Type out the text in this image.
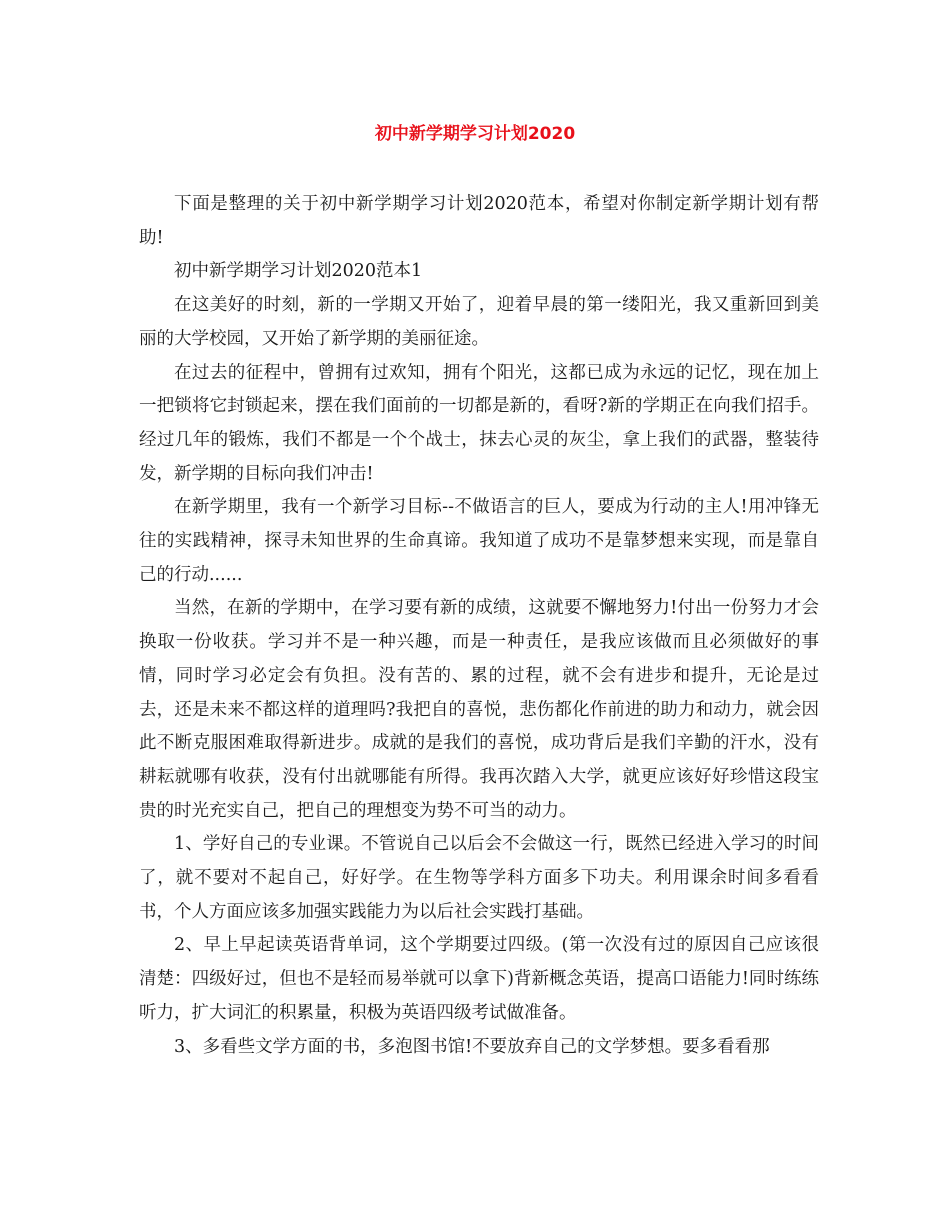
初中新学期学习计划2020

下面是整理的关于初中新学期学习计划2020范本，希望对你制定新学期计划有帮助!

初中新学期学习计划2020范本1

在这美好的时刻，新的一学期又开始了，迎着早晨的第一缕阳光，我又重新回到美丽的大学校园，又开始了新学期的美丽征途。

在过去的征程中，曾拥有过欢知，拥有个阳光，这都已成为永远的记忆，现在加上一把锁将它封锁起来，摆在我们面前的一切都是新的，看呀?新的学期正在向我们招手。经过几年的锻炼，我们不都是一个个战士，抹去心灵的灰尘，拿上我们的武器，整装待发，新学期的目标向我们冲击!

在新学期里，我有一个新学习目标--不做语言的巨人，要成为行动的主人!用冲锋无往的实践精神，探寻未知世界的生命真谛。我知道了成功不是靠梦想来实现，而是靠自己的行动......

当然，在新的学期中，在学习要有新的成绩，这就要不懈地努力!付出一份努力才会换取一份收获。学习并不是一种兴趣，而是一种责任，是我应该做而且必须做好的事情，同时学习必定会有负担。没有苦的、累的过程，就不会有进步和提升，无论是过去，还是未来不都这样的道理吗?我把自的喜悦，悲伤都化作前进的助力和动力，就会因此不断克服困难取得新进步。成就的是我们的喜悦，成功背后是我们辛勤的汗水，没有耕耘就哪有收获，没有付出就哪能有所得。我再次踏入大学，就更应该好好珍惜这段宝贵的时光充实自己，把自己的理想变为势不可当的动力。

1、学好自己的专业课。不管说自己以后会不会做这一行，既然已经进入学习的时间了，就不要对不起自己，好好学。在生物等学科方面多下功夫。利用课余时间多看看书，个人方面应该多加强实践能力为以后社会实践打基础。

2、早上早起读英语背单词，这个学期要过四级。(第一次没有过的原因自己应该很清楚：四级好过，但也不是轻而易举就可以拿下)背新概念英语，提高口语能力!同时练练听力，扩大词汇的积累量，积极为英语四级考试做准备。

3、多看些文学方面的书，多泡图书馆!不要放弃自己的文学梦想。要多看看那
